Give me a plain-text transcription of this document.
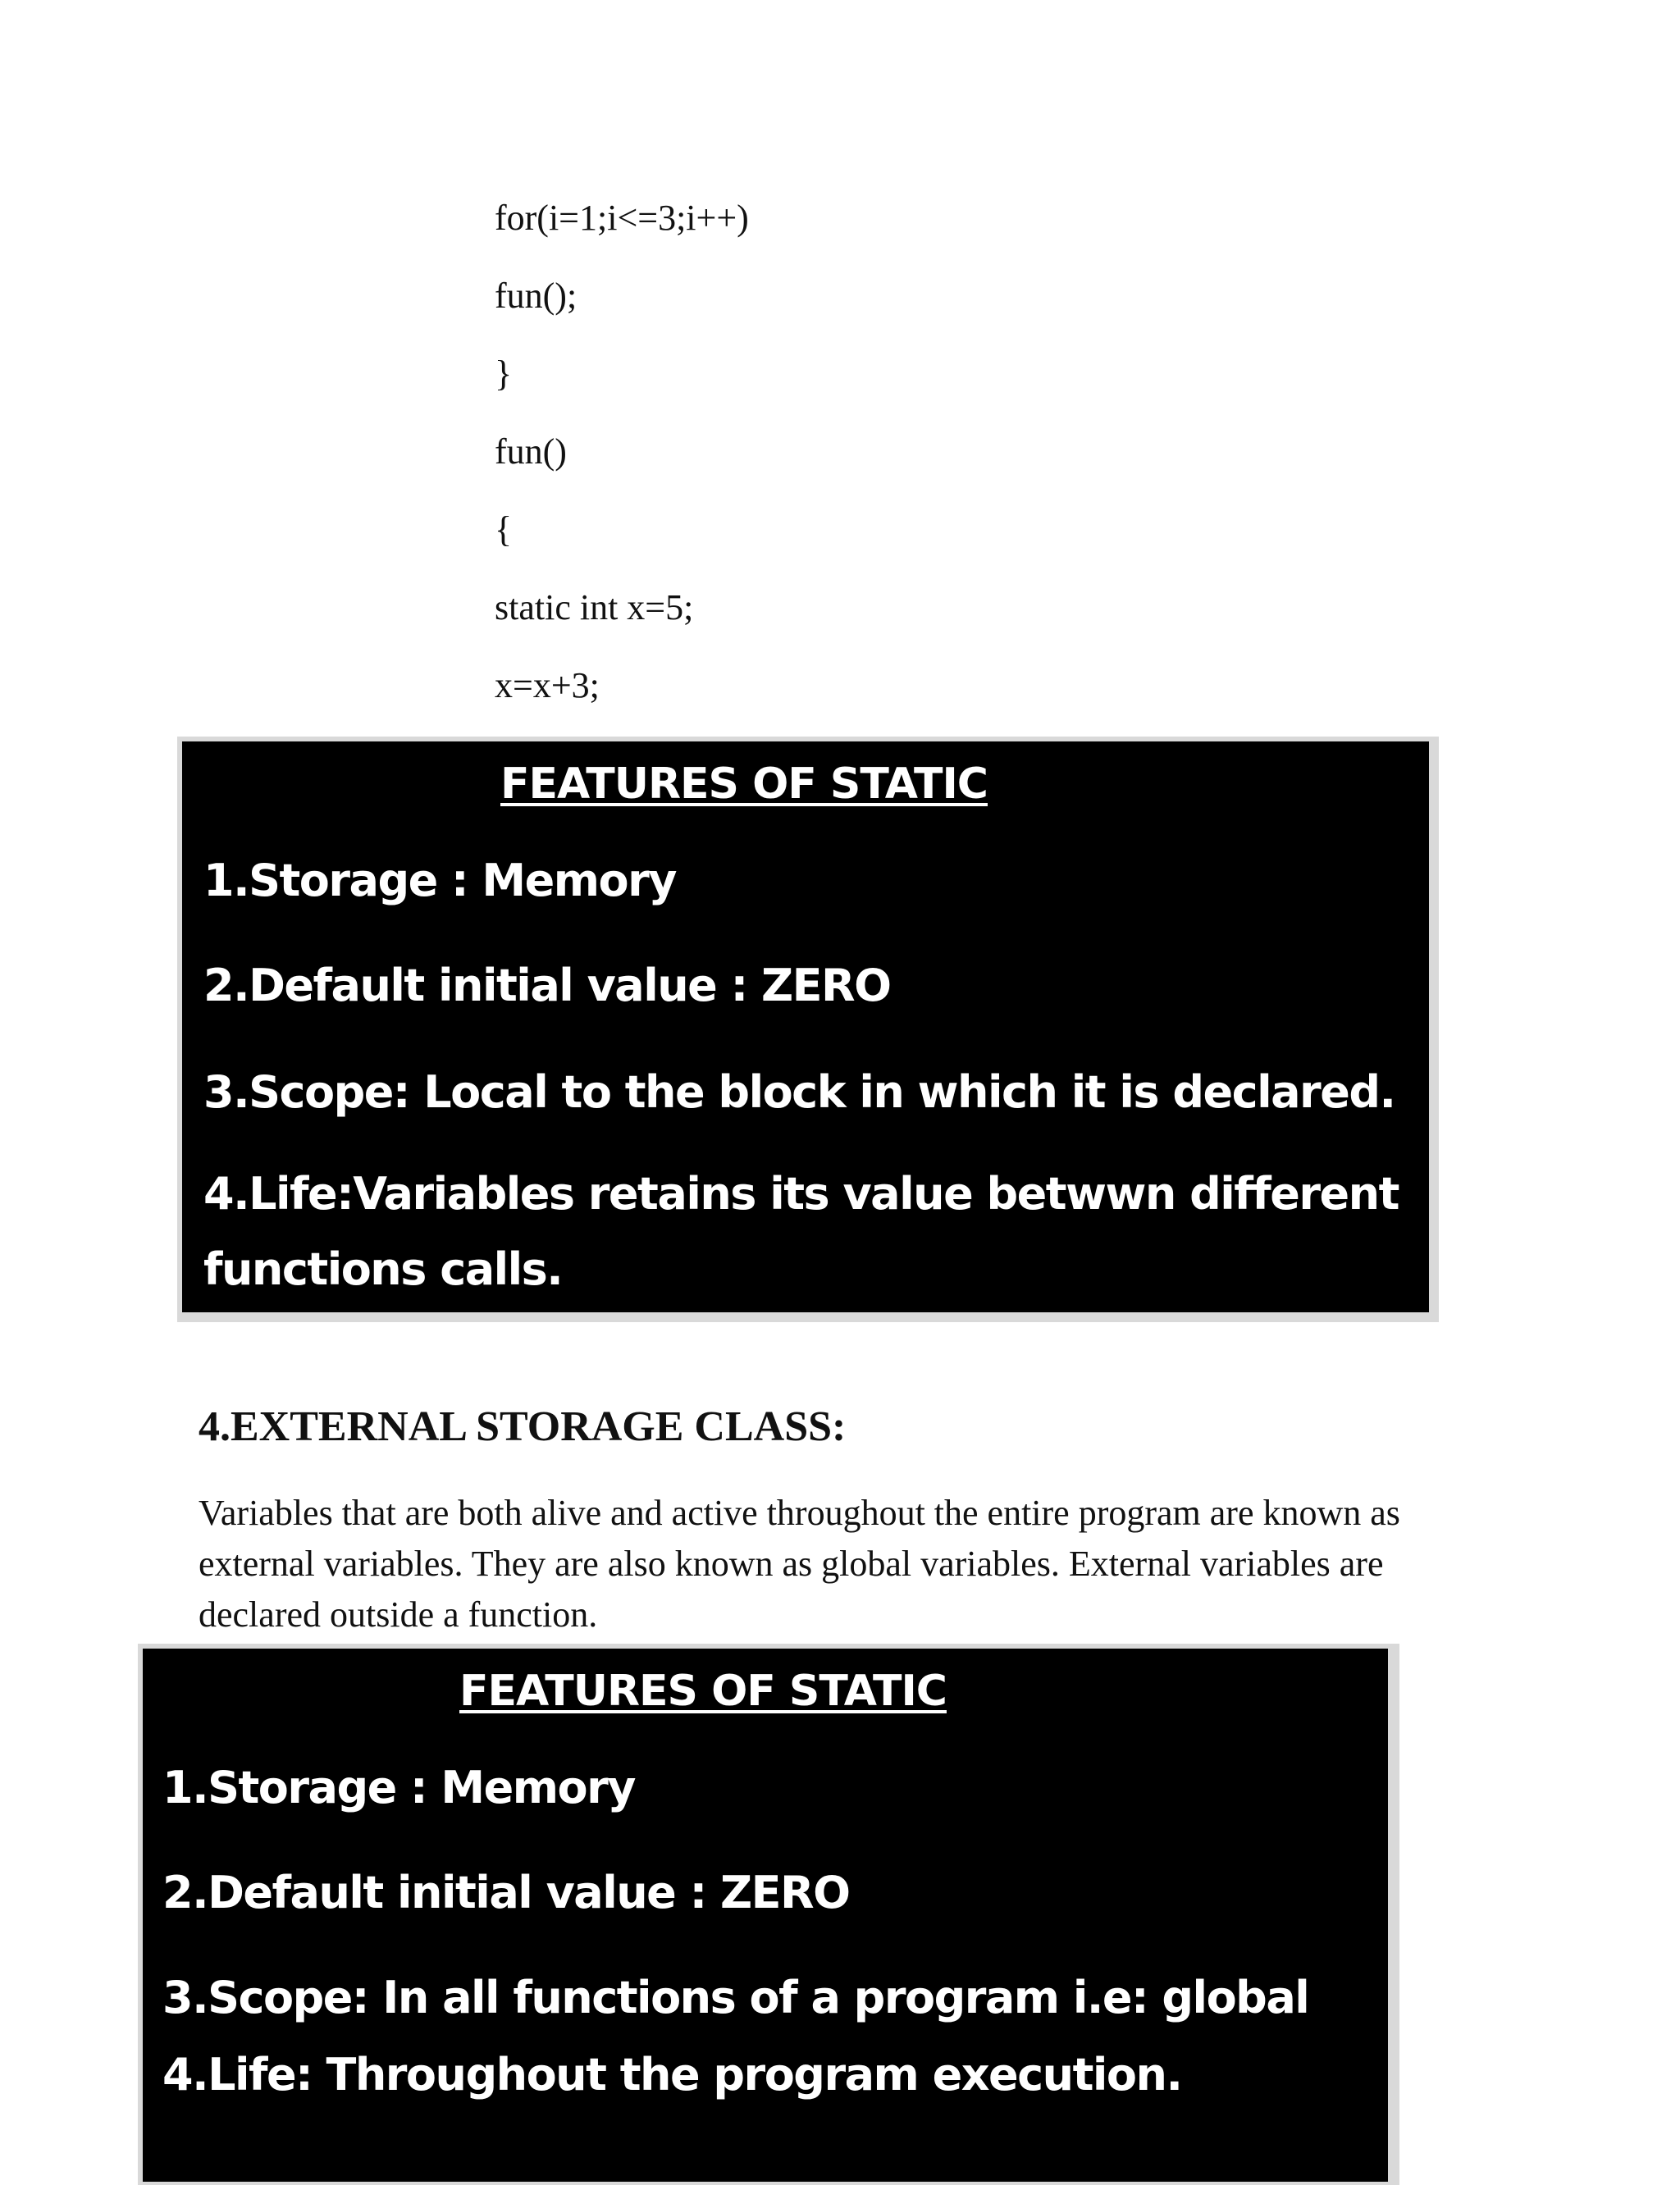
for(i=1;i<=3;i++)
fun();
}
fun()
{
static int x=5;
x=x+3;
FEATURES OF STATIC
1.Storage : Memory
2.Default initial value : ZERO
3.Scope: Local to the block in which it is declared.
4.Life:Variables retains its value betwwn different
functions calls.
4.EXTERNAL STORAGE CLASS:
Variables that are both alive and active throughout the entire program are known as external variables. They are also known as global variables. External variables are declared outside a function.
FEATURES OF STATIC
1.Storage : Memory
2.Default initial value : ZERO
3.Scope: In all functions of a program i.e: global
4.Life: Throughout the program execution.
